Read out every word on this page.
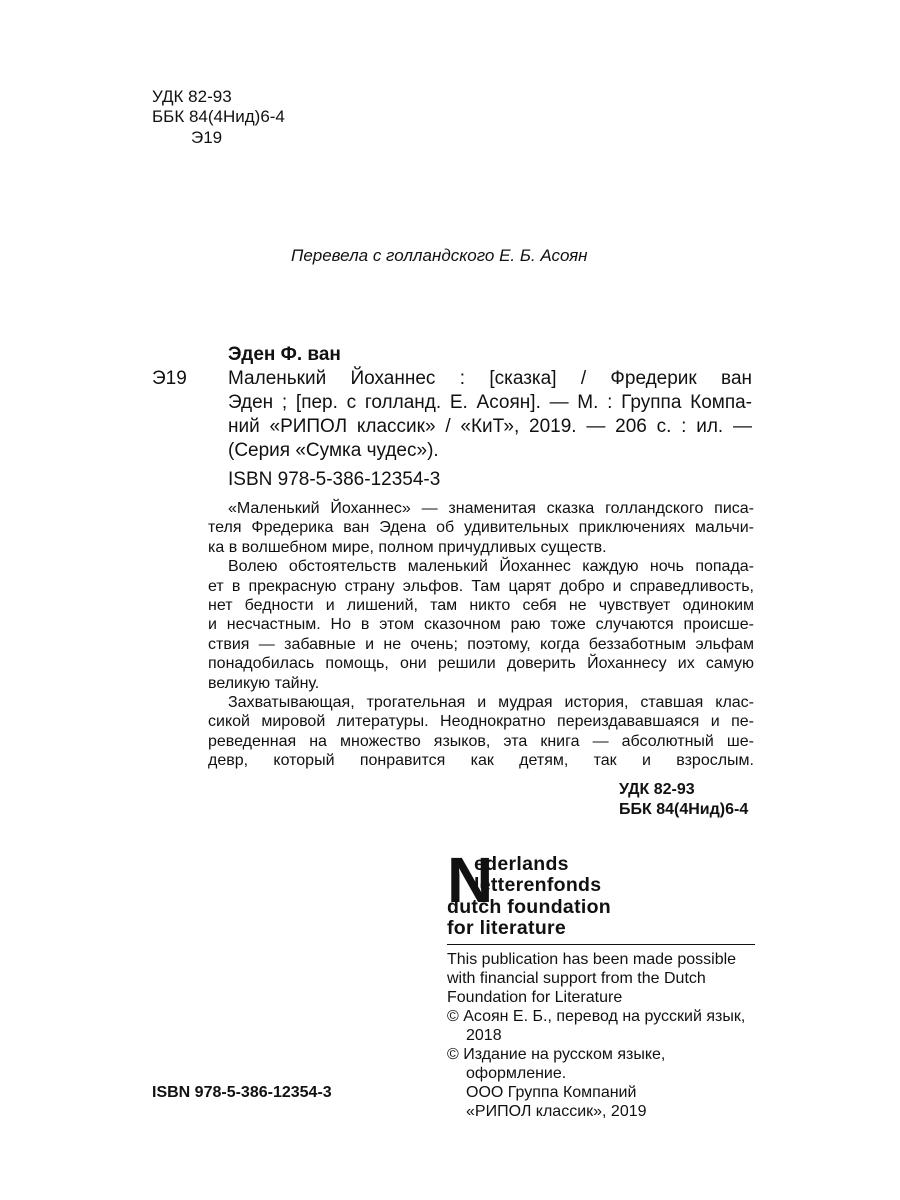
УДК 82-93
ББК 84(4Нид)6-4
Э19
Перевела с голландского Е. Б. Асоян
Эден Ф. ван
Э19 Маленький Йоханнес : [сказка] / Фредерик ван
Эден ; [пер. с голланд. Е. Асоян]. — М. : Группа Компа-
ний «РИПОЛ классик» / «КиТ», 2019. — 206 с. : ил. —
(Серия «Сумка чудес»).
ISBN 978-5-386-12354-3
«Маленький Йоханнес» — знаменитая сказка голландского писа-
теля Фредерика ван Эдена об удивительных приключениях мальчи-
ка в волшебном мире, полном причудливых существ.
Волею обстоятельств маленький Йоханнес каждую ночь попада-
ет в прекрасную страну эльфов. Там царят добро и справедливость,
нет бедности и лишений, там никто себя не чувствует одиноким
и несчастным. Но в этом сказочном раю тоже случаются происше-
ствия — забавные и не очень; поэтому, когда беззаботным эльфам
понадобилась помощь, они решили доверить Йоханнесу их самую
великую тайну.
Захватывающая, трогательная и мудрая история, ставшая клас-
сикой мировой литературы. Неоднократно переиздававшаяся и пе-
реведенная на множество языков, эта книга — абсолютный ше-
девр, который понравится как детям, так и взрослым.
УДК 82-93
ББК 84(4Нид)6-4
N
ederlands
letterenfonds
dutch foundation
for literature
This publication has been made possible
with financial support from the Dutch
Foundation for Literature
© Асоян Е. Б., перевод на русский язык,
2018
© Издание на русском языке,
оформление.
ООО Группа Компаний
«РИПОЛ классик», 2019
ISBN 978-5-386-12354-3
